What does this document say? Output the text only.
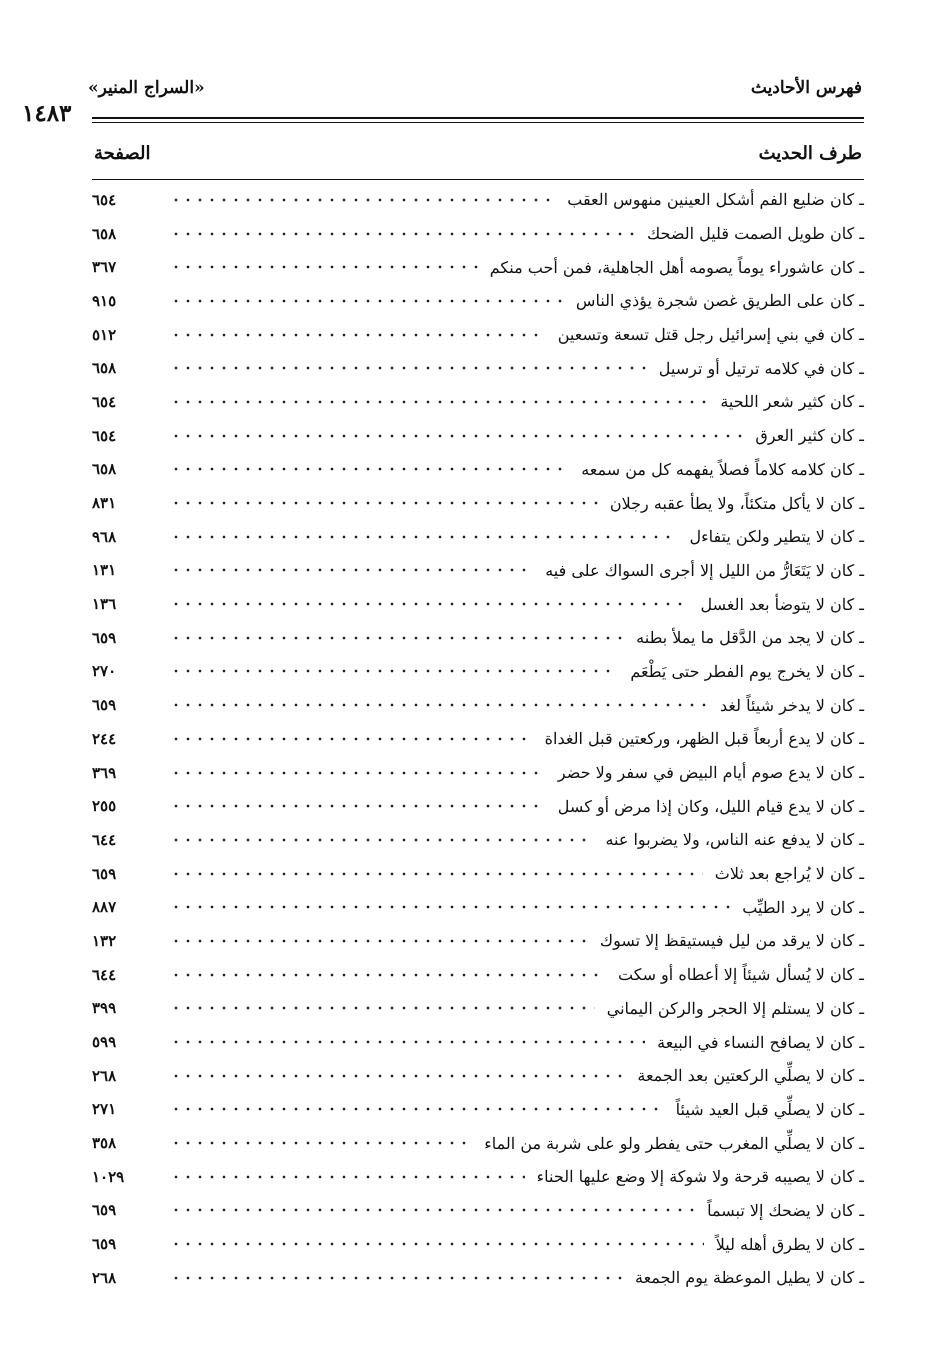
فهرس الأحاديث
«السراج المنير»
١٤٨٣
طرف الحديث
الصفحة
ـ كان ضليع الفم أشكل العينين منهوس العقب
٦٥٤
ـ كان طويل الصمت قليل الضحك
٦٥٨
ـ كان عاشوراء يوماً يصومه أهل الجاهلية، فمن أحب منكم
٣٦٧
ـ كان على الطريق غصن شجرة يؤذي الناس
٩١٥
ـ كان في بني إسرائيل رجل قتل تسعة وتسعين
٥١٢
ـ كان في كلامه ترتيل أو ترسيل
٦٥٨
ـ كان كثير شعر اللحية
٦٥٤
ـ كان كثير العرق
٦٥٤
ـ كان كلامه كلاماً فصلاً يفهمه كل من سمعه
٦٥٨
ـ كان لا يأكل متكئاً، ولا يطأ عقبه رجلان
٨٣١
ـ كان لا يتطير ولكن يتفاءل
٩٦٨
ـ كان لا يَتَعَارُّ من الليل إلا أجرى السواك على فيه
١٣١
ـ كان لا يتوضأ بعد الغسل
١٣٦
ـ كان لا يجد من الدَّقل ما يملأ بطنه
٦٥٩
ـ كان لا يخرج يوم الفطر حتى يَطْعَم
٢٧٠
ـ كان لا يدخر شيئاً لغد
٦٥٩
ـ كان لا يدع أربعاً قبل الظهر، وركعتين قبل الغداة
٢٤٤
ـ كان لا يدع صوم أيام البيض في سفر ولا حضر
٣٦٩
ـ كان لا يدع قيام الليل، وكان إذا مرض أو كسل
٢٥٥
ـ كان لا يدفع عنه الناس، ولا يضربوا عنه
٦٤٤
ـ كان لا يُراجع بعد ثلاث
٦٥٩
ـ كان لا يرد الطيِّب
٨٨٧
ـ كان لا يرقد من ليل فيستيقظ إلا تسوك
١٣٢
ـ كان لا يُسأل شيئاً إلا أعطاه أو سكت
٦٤٤
ـ كان لا يستلم إلا الحجر والركن اليماني
٣٩٩
ـ كان لا يصافح النساء في البيعة
٥٩٩
ـ كان لا يصلِّي الركعتين بعد الجمعة
٢٦٨
ـ كان لا يصلِّي قبل العيد شيئاً
٢٧١
ـ كان لا يصلِّي المغرب حتى يفطر ولو على شربة من الماء
٣٥٨
ـ كان لا يصيبه قرحة ولا شوكة إلا وضع عليها الحناء
١٠٢٩
ـ كان لا يضحك إلا تبسماً
٦٥٩
ـ كان لا يطرق أهله ليلاً
٦٥٩
ـ كان لا يطيل الموعظة يوم الجمعة
٢٦٨
